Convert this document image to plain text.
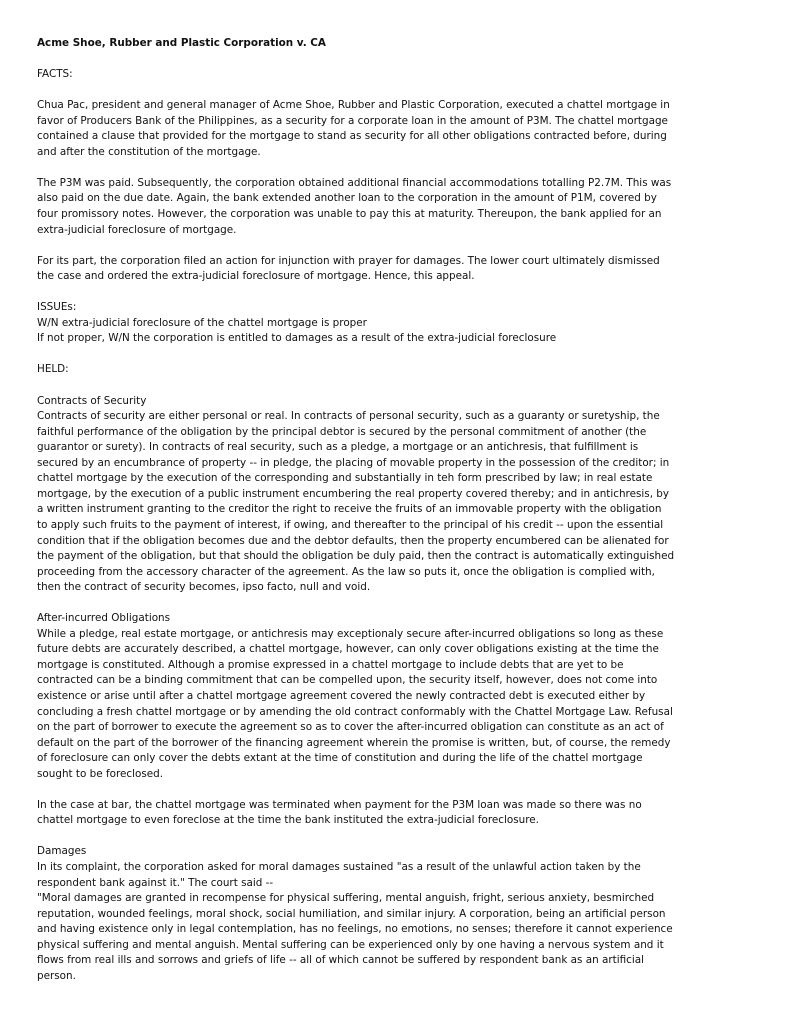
Acme Shoe, Rubber and Plastic Corporation v. CA
FACTS:
Chua Pac, president and general manager of Acme Shoe, Rubber and Plastic Corporation, executed a chattel mortgage in
favor of Producers Bank of the Philippines, as a security for a corporate loan in the amount of P3M. The chattel mortgage
contained a clause that provided for the mortgage to stand as security for all other obligations contracted before, during
and after the constitution of the mortgage.
The P3M was paid. Subsequently, the corporation obtained additional financial accommodations totalling P2.7M. This was
also paid on the due date. Again, the bank extended another loan to the corporation in the amount of P1M, covered by
four promissory notes. However, the corporation was unable to pay this at maturity. Thereupon, the bank applied for an
extra-judicial foreclosure of mortgage.
For its part, the corporation filed an action for injunction with prayer for damages. The lower court ultimately dismissed
the case and ordered the extra-judicial foreclosure of mortgage. Hence, this appeal.
ISSUEs:
W/N extra-judicial foreclosure of the chattel mortgage is proper
If not proper, W/N the corporation is entitled to damages as a result of the extra-judicial foreclosure
HELD:
Contracts of Security
Contracts of security are either personal or real. In contracts of personal security, such as a guaranty or suretyship, the
faithful performance of the obligation by the principal debtor is secured by the personal commitment of another (the
guarantor or surety). In contracts of real security, such as a pledge, a mortgage or an antichresis, that fulfillment is
secured by an encumbrance of property -- in pledge, the placing of movable property in the possession of the creditor; in
chattel mortgage by the execution of the corresponding and substantially in teh form prescribed by law; in real estate
mortgage, by the execution of a public instrument encumbering the real property covered thereby; and in antichresis, by
a written instrument granting to the creditor the right to receive the fruits of an immovable property with the obligation
to apply such fruits to the payment of interest, if owing, and thereafter to the principal of his credit -- upon the essential
condition that if the obligation becomes due and the debtor defaults, then the property encumbered can be alienated for
the payment of the obligation, but that should the obligation be duly paid, then the contract is automatically extinguished
proceeding from the accessory character of the agreement. As the law so puts it, once the obligation is complied with,
then the contract of security becomes, ipso facto, null and void.
After-incurred Obligations
While a pledge, real estate mortgage, or antichresis may exceptionaly secure after-incurred obligations so long as these
future debts are accurately described, a chattel mortgage, however, can only cover obligations existing at the time the
mortgage is constituted. Although a promise expressed in a chattel mortgage to include debts that are yet to be
contracted can be a binding commitment that can be compelled upon, the security itself, however, does not come into
existence or arise until after a chattel mortgage agreement covered the newly contracted debt is executed either by
concluding a fresh chattel mortgage or by amending the old contract conformably with the Chattel Mortgage Law. Refusal
on the part of borrower to execute the agreement so as to cover the after-incurred obligation can constitute as an act of
default on the part of the borrower of the financing agreement wherein the promise is written, but, of course, the remedy
of foreclosure can only cover the debts extant at the time of constitution and during the life of the chattel mortgage
sought to be foreclosed.
In the case at bar, the chattel mortgage was terminated when payment for the P3M loan was made so there was no
chattel mortgage to even foreclose at the time the bank instituted the extra-judicial foreclosure.
Damages
In its complaint, the corporation asked for moral damages sustained "as a result of the unlawful action taken by the
respondent bank against it." The court said --
"Moral damages are granted in recompense for physical suffering, mental anguish, fright, serious anxiety, besmirched
reputation, wounded feelings, moral shock, social humiliation, and similar injury. A corporation, being an artificial person
and having existence only in legal contemplation, has no feelings, no emotions, no senses; therefore it cannot experience
physical suffering and mental anguish. Mental suffering can be experienced only by one having a nervous system and it
flows from real ills and sorrows and griefs of life -- all of which cannot be suffered by respondent bank as an artificial
person.
